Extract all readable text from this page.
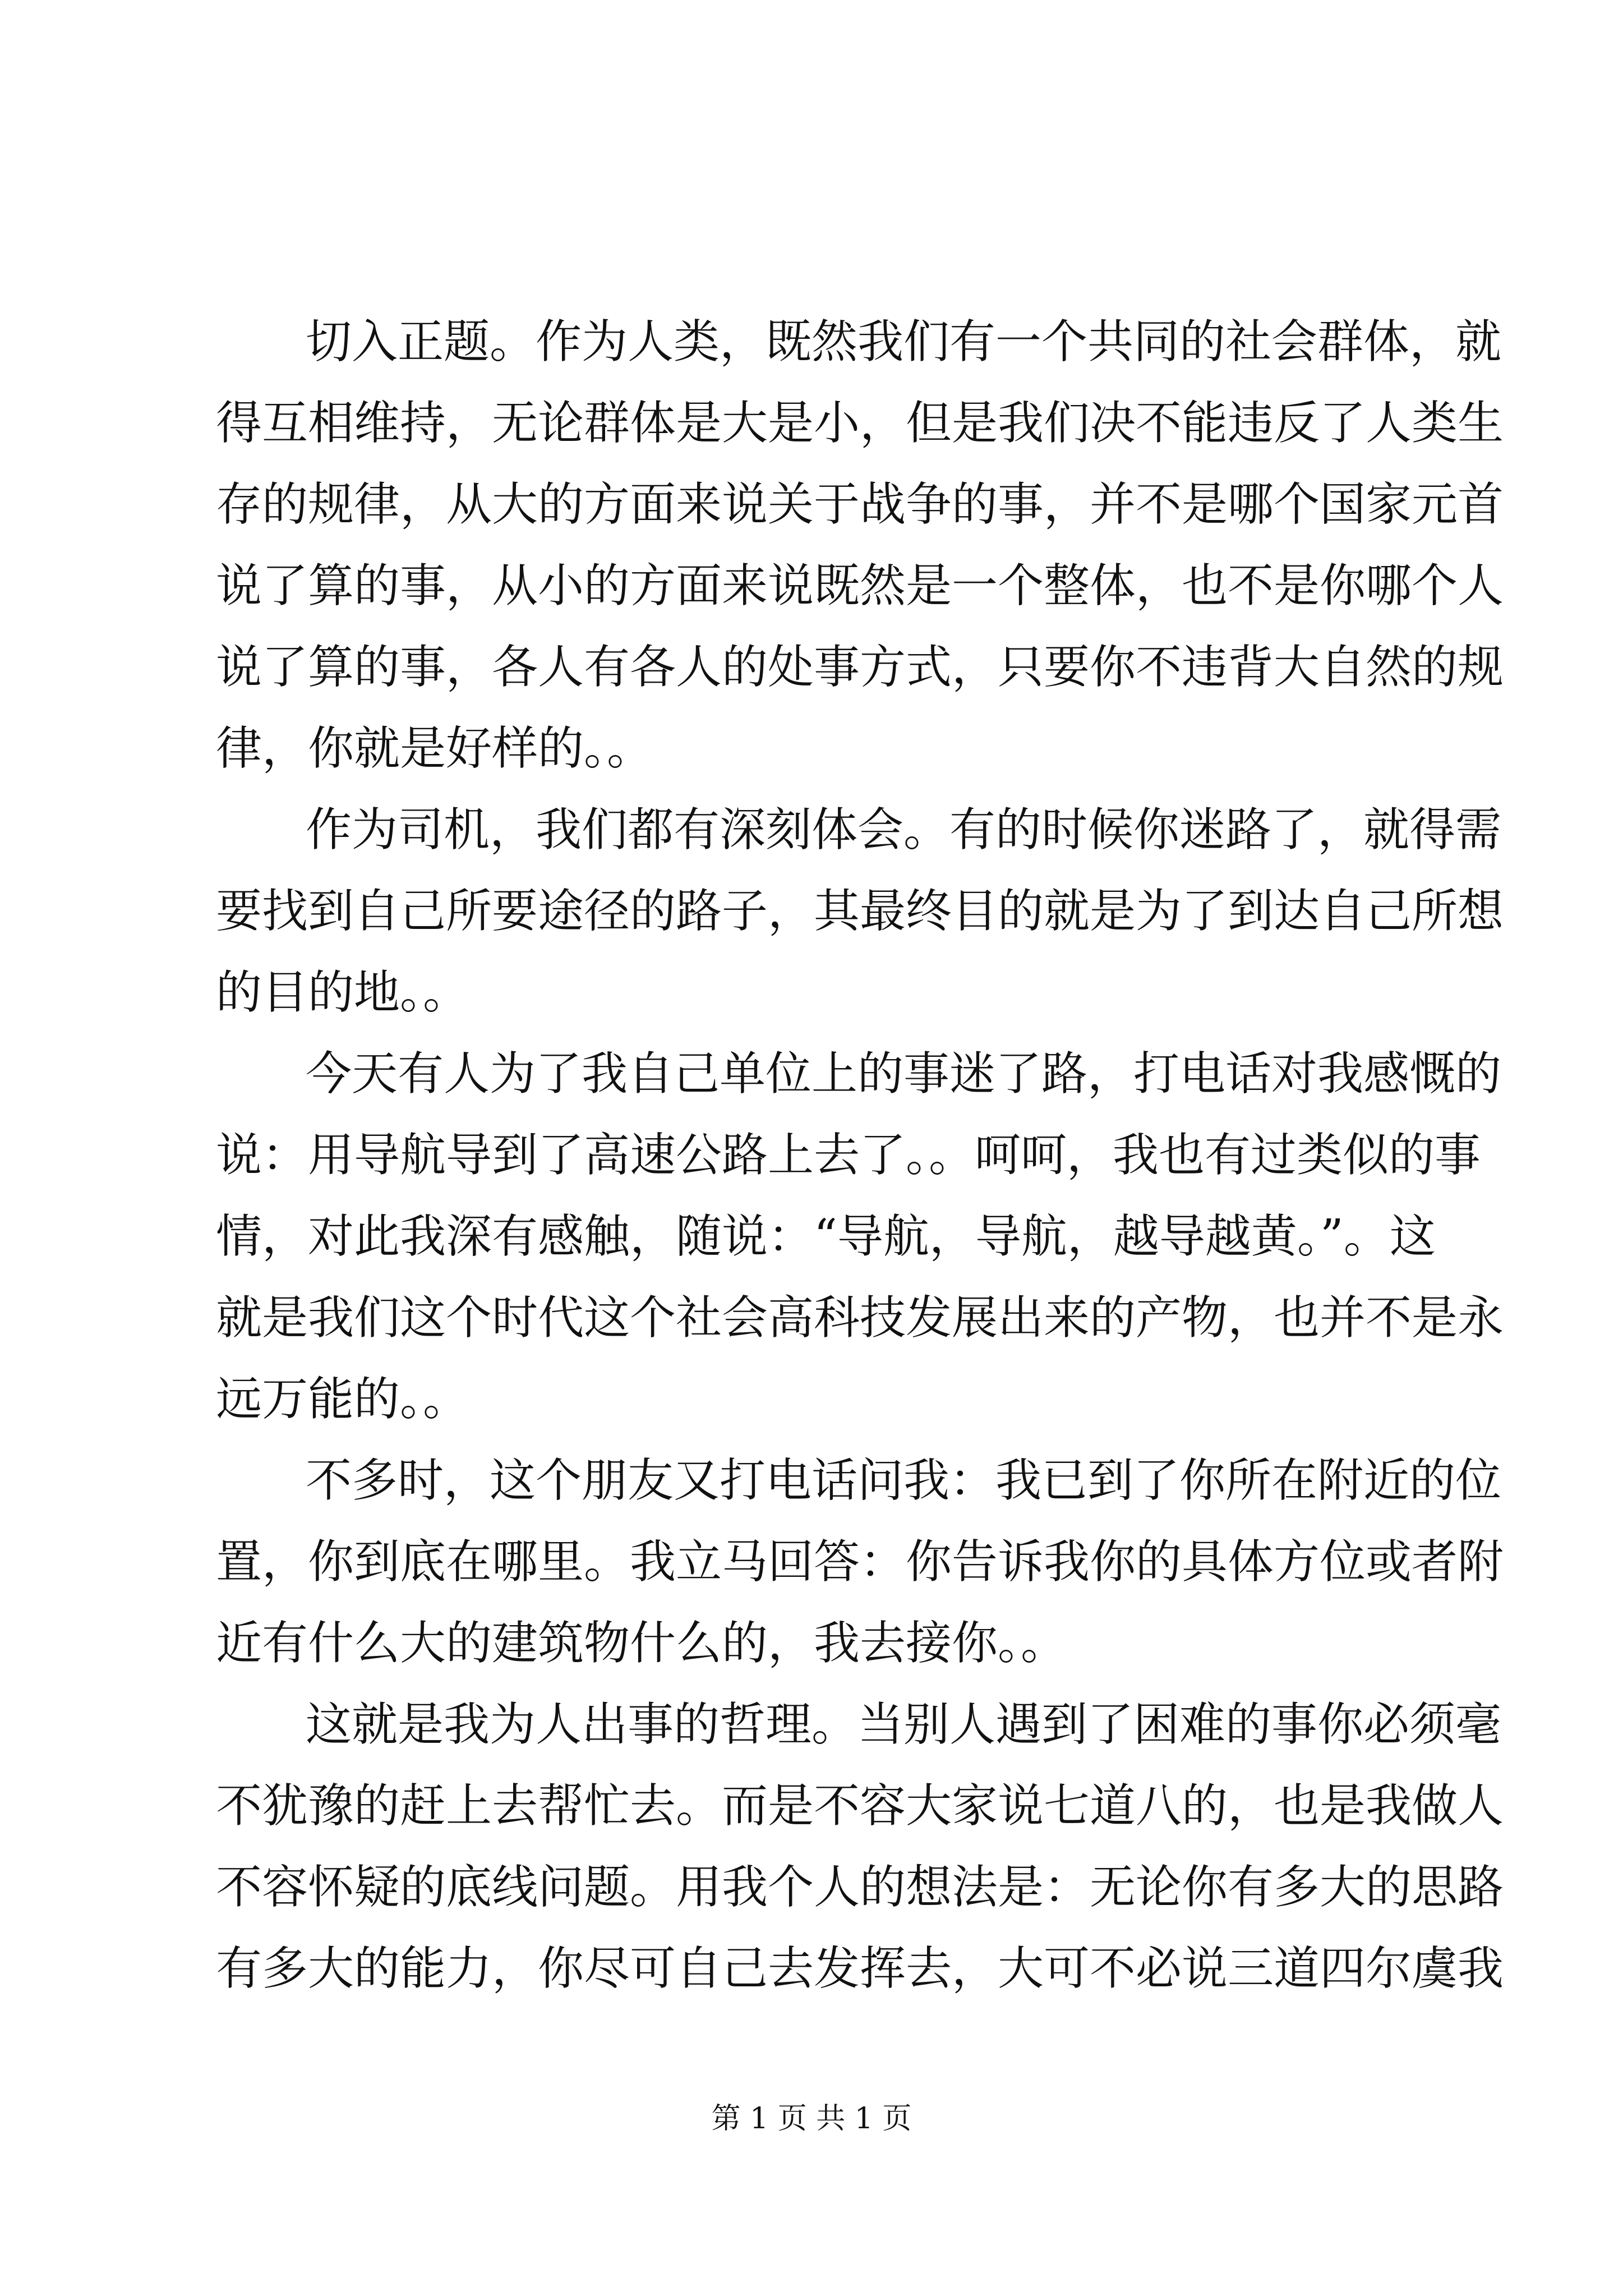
切入正题。作为人类，既然我们有一个共同的社会群体，就
得互相维持，无论群体是大是小，但是我们决不能违反了人类生
存的规律，从大的方面来说关于战争的事，并不是哪个国家元首
说了算的事，从小的方面来说既然是一个整体，也不是你哪个人
说了算的事，各人有各人的处事方式，只要你不违背大自然的规
律，你就是好样的。。
作为司机，我们都有深刻体会。有的时候你迷路了，就得需
要找到自己所要途径的路子，其最终目的就是为了到达自己所想
的目的地。。
今天有人为了我自己单位上的事迷了路，打电话对我感慨的
说：用导航导到了高速公路上去了。。呵呵，我也有过类似的事
情，对此我深有感触，随说：“导航，导航，越导越黄。”。这
就是我们这个时代这个社会高科技发展出来的产物，也并不是永
远万能的。。
不多时，这个朋友又打电话问我：我已到了你所在附近的位
置，你到底在哪里。我立马回答：你告诉我你的具体方位或者附
近有什么大的建筑物什么的，我去接你。。
这就是我为人出事的哲理。当别人遇到了困难的事你必须毫
不犹豫的赶上去帮忙去。而是不容大家说七道八的，也是我做人
不容怀疑的底线问题。用我个人的想法是：无论你有多大的思路
有多大的能力，你尽可自己去发挥去，大可不必说三道四尔虞我
第 1 页 共 1 页
